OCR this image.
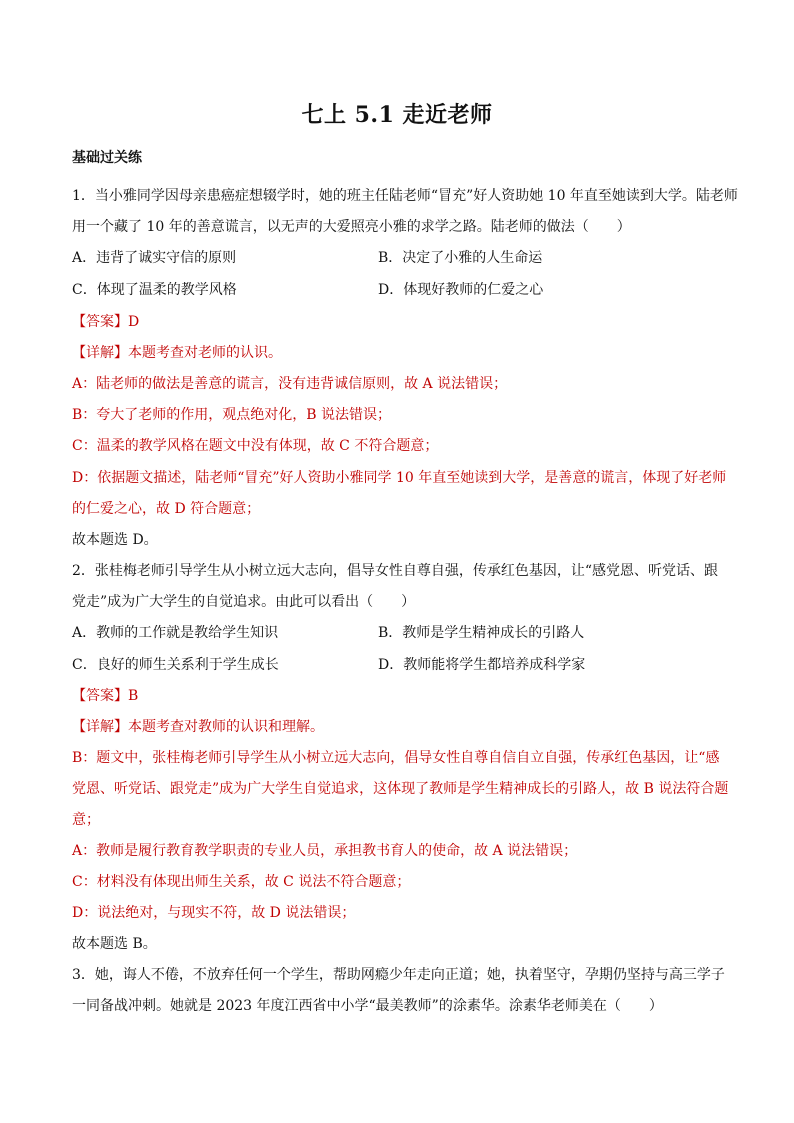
七上 5.1 走近老师
基础过关练
1．当小雅同学因母亲患癌症想辍学时，她的班主任陆老师“冒充”好人资助她 10 年直至她读到大学。陆老师
用一个藏了 10 年的善意谎言，以无声的大爱照亮小雅的求学之路。陆老师的做法（　　）
A．违背了诚实守信的原则	B．决定了小雅的人生命运
C．体现了温柔的教学风格	D．体现好教师的仁爱之心
【答案】D
【详解】本题考查对老师的认识。
A：陆老师的做法是善意的谎言，没有违背诚信原则，故 A 说法错误；
B：夸大了老师的作用，观点绝对化，B 说法错误；
C：温柔的教学风格在题文中没有体现，故 C 不符合题意；
D：依据题文描述，陆老师“冒充”好人资助小雅同学 10 年直至她读到大学，是善意的谎言，体现了好老师
的仁爱之心，故 D 符合题意；
故本题选 D。
2．张桂梅老师引导学生从小树立远大志向，倡导女性自尊自强，传承红色基因，让“感党恩、听党话、跟
党走”成为广大学生的自觉追求。由此可以看出（　　）
A．教师的工作就是教给学生知识	B．教师是学生精神成长的引路人
C．良好的师生关系利于学生成长	D．教师能将学生都培养成科学家
【答案】B
【详解】本题考查对教师的认识和理解。
B：题文中，张桂梅老师引导学生从小树立远大志向，倡导女性自尊自信自立自强，传承红色基因，让“感
党恩、听党话、跟党走”成为广大学生自觉追求，这体现了教师是学生精神成长的引路人，故 B 说法符合题
意；
A：教师是履行教育教学职责的专业人员，承担教书育人的使命，故 A 说法错误；
C：材料没有体现出师生关系，故 C 说法不符合题意；
D：说法绝对，与现实不符，故 D 说法错误；
故本题选 B。
3．她，诲人不倦，不放弃任何一个学生，帮助网瘾少年走向正道；她，执着坚守，孕期仍坚持与高三学子
一同备战冲刺。她就是 2023 年度江西省中小学“最美教师”的涂素华。涂素华老师美在（　　）
